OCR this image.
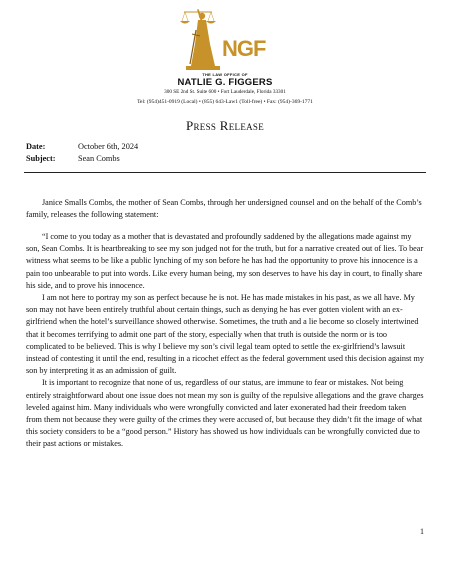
NGF
THE LAW OFFICE OF
NATLIE G. FIGGERS
300 SE 2nd St. Suite 600 • Fort Lauderdale, Florida 33301
Tel: (954)451-0919 (Local) • (855) 643-Law1 (Toll-free) • Fax: (954)-369-1771
Press Release
Date:	October 6th, 2024
Subject:	Sean Combs

Janice Smalls Combs, the mother of Sean Combs, through her undersigned counsel and on the behalf of the Comb’s family, releases the following statement:

“I come to you today as a mother that is devastated and profoundly saddened by the allegations made against my son, Sean Combs. It is heartbreaking to see my son judged not for the truth, but for a narrative created out of lies. To bear witness what seems to be like a public lynching of my son before he has had the opportunity to prove his innocence is a pain too unbearable to put into words. Like every human being, my son deserves to have his day in court, to finally share his side, and to prove his innocence.

I am not here to portray my son as perfect because he is not. He has made mistakes in his past, as we all have. My son may not have been entirely truthful about certain things, such as denying he has ever gotten violent with an ex-girlfriend when the hotel’s surveillance showed otherwise. Sometimes, the truth and a lie become so closely intertwined that it becomes terrifying to admit one part of the story, especially when that truth is outside the norm or is too complicated to be believed. This is why I believe my son’s civil legal team opted to settle the ex-girlfriend’s lawsuit instead of contesting it until the end, resulting in a ricochet effect as the federal government used this decision against my son by interpreting it as an admission of guilt.

It is important to recognize that none of us, regardless of our status, are immune to fear or mistakes. Not being entirely straightforward about one issue does not mean my son is guilty of the repulsive allegations and the grave charges leveled against him. Many individuals who were wrongfully convicted and later exonerated had their freedom taken from them not because they were guilty of the crimes they were accused of, but because they didn’t fit the image of what this society considers to be a “good person.” History has showed us how individuals can be wrongfully convicted due to their past actions or mistakes.

1
